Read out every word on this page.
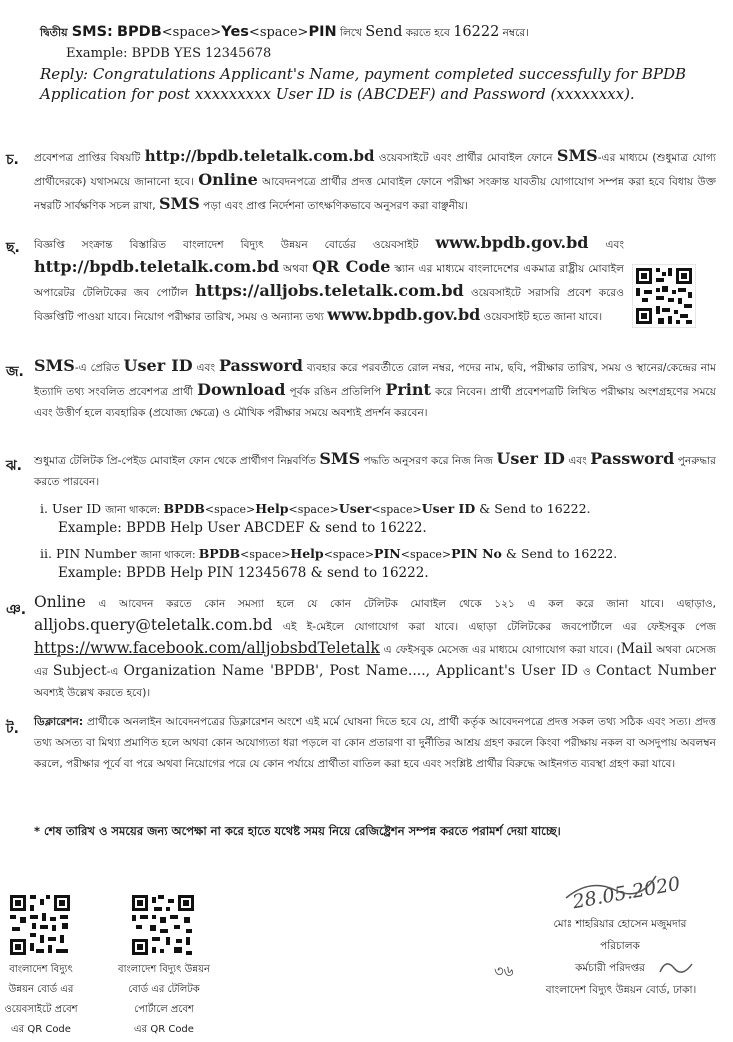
দ্বিতীয় SMS: BPDB<space>Yes<space>PIN লিখে Send করতে হবে 16222 নম্বরে।
Example: BPDB YES 12345678
Reply: Congratulations Applicant's Name, payment completed successfully for BPDB Application for post xxxxxxxxx User ID is (ABCDEF) and Password (xxxxxxxx).
চ. প্রবেশপত্র প্রাপ্তির বিষয়টি http://bpdb.teletalk.com.bd ওয়েবসাইটে এবং প্রার্থীর মোবাইল ফোনে SMS-এর মাধ্যমে (শুধুমাত্র যোগ্য প্রার্থীদেরকে) যথাসময়ে জানানো হবে। Online আবেদনপত্রে প্রার্থীর প্রদত্ত মোবাইল ফোনে পরীক্ষা সংক্রান্ত যাবতীয় যোগাযোগ সম্পন্ন করা হবে বিধায় উক্ত নম্বরটি সার্বক্ষণিক সচল রাখা, SMS পড়া এবং প্রাপ্ত নির্দেশনা তাৎক্ষণিকভাবে অনুসরণ করা বাঞ্ছনীয়।
ছ. বিজ্ঞপ্তি সংক্রান্ত বিস্তারিত বাংলাদেশ বিদ্যুৎ উন্নয়ন বোর্ডের ওয়েবসাইট www.bpdb.gov.bd এবং http://bpdb.teletalk.com.bd অথবা QR Code স্ক্যান এর মাধ্যমে বাংলাদেশের একমাত্র রাষ্ট্রীয় মোবাইল অপারেটর টেলিটকের জব পোর্টাল https://alljobs.teletalk.com.bd ওয়েবসাইটে সরাসরি প্রবেশ করেও বিজ্ঞপ্তিটি পাওয়া যাবে। নিয়োগ পরীক্ষার তারিখ, সময় ও অন্যান্য তথ্য www.bpdb.gov.bd ওয়েবসাইট হতে জানা যাবে।
জ. SMS-এ প্রেরিত User ID এবং Password ব্যবহার করে পরবর্তীতে রোল নম্বর, পদের নাম, ছবি, পরীক্ষার তারিখ, সময় ও স্থানের/কেন্দ্রের নাম ইত্যাদি তথ্য সংবলিত প্রবেশপত্র প্রার্থী Download পূর্বক রঙিন প্রতিলিপি Print করে নিবেন। প্রার্থী প্রবেশপত্রটি লিখিত পরীক্ষায় অংশগ্রহণের সময়ে এবং উত্তীর্ণ হলে ব্যবহারিক (প্রযোজ্য ক্ষেত্রে) ও মৌখিক পরীক্ষার সময়ে অবশ্যই প্রদর্শন করবেন।
ঝ. শুধুমাত্র টেলিটক প্রি-পেইড মোবাইল ফোন থেকে প্রার্থীগণ নিম্নবর্ণিত SMS পদ্ধতি অনুসরণ করে নিজ নিজ User ID এবং Password পুনরুদ্ধার করতে পারবেন।
i. User ID জানা থাকলে: BPDB<space>Help<space>User<space>User ID & Send to 16222.
Example: BPDB Help User ABCDEF & send to 16222.
ii. PIN Number জানা থাকলে: BPDB<space>Help<space>PIN<space>PIN No & Send to 16222.
Example: BPDB Help PIN 12345678 & send to 16222.
ঞ. Online এ আবেদন করতে কোন সমস্যা হলে যে কোন টেলিটক মোবাইল থেকে ১২১ এ কল করে জানা যাবে। এছাড়াও, alljobs.query@teletalk.com.bd এই ই-মেইলে যোগাযোগ করা যাবে। এছাড়া টেলিটকের জবপোর্টালে এর ফেইসবুক পেজ https://www.facebook.com/alljobsbdTeletalk এ ফেইসবুক মেসেজ এর মাধ্যমে যোগাযোগ করা যাবে। (Mail অথবা মেসেজ এর Subject-এ Organization Name 'BPDB', Post Name...., Applicant's User ID ও Contact Number অবশ্যই উল্লেখ করতে হবে)।
ট. ডিক্লারেশন: প্রার্থীকে অনলাইন আবেদনপত্রের ডিক্লারেশন অংশে এই মর্মে ঘোষনা দিতে হবে যে, প্রার্থী কর্তৃক আবেদনপত্রে প্রদত্ত সকল তথ্য সঠিক এবং সত্য। প্রদত্ত তথ্য অসত্য বা মিথ্যা প্রমাণিত হলে অথবা কোন অযোগ্যতা ধরা পড়লে বা কোন প্রতারণা বা দুর্নীতির আশ্রয় গ্রহণ করলে কিংবা পরীক্ষায় নকল বা অসদুপায় অবলম্বন করলে, পরীক্ষার পূর্বে বা পরে অথবা নিয়োগের পরে যে কোন পর্যায়ে প্রার্থীতা বাতিল করা হবে এবং সংশ্লিষ্ট প্রার্থীর বিরুদ্ধে আইনগত ব্যবস্থা গ্রহণ করা যাবে।
* শেষ তারিখ ও সময়ের জন্য অপেক্ষা না করে হাতে যথেষ্ট সময় নিয়ে রেজিষ্ট্রেশন সম্পন্ন করতে পরামর্শ দেয়া যাচ্ছে।
বাংলাদেশ বিদ্যুৎ
উন্নয়ন বোর্ড এর
ওয়েবসাইটে প্রবেশ
এর QR Code
বাংলাদেশ বিদ্যুৎ উন্নয়ন
বোর্ড এর টেলিটক
পোর্টালে প্রবেশ
এর QR Code
28.05.2020
মোঃ শাহরিয়ার হোসেন মজুমদার
পরিচালক
কর্মচারী পরিদপ্তর
৩৬
বাংলাদেশ বিদ্যুৎ উন্নয়ন বোর্ড, ঢাকা।
